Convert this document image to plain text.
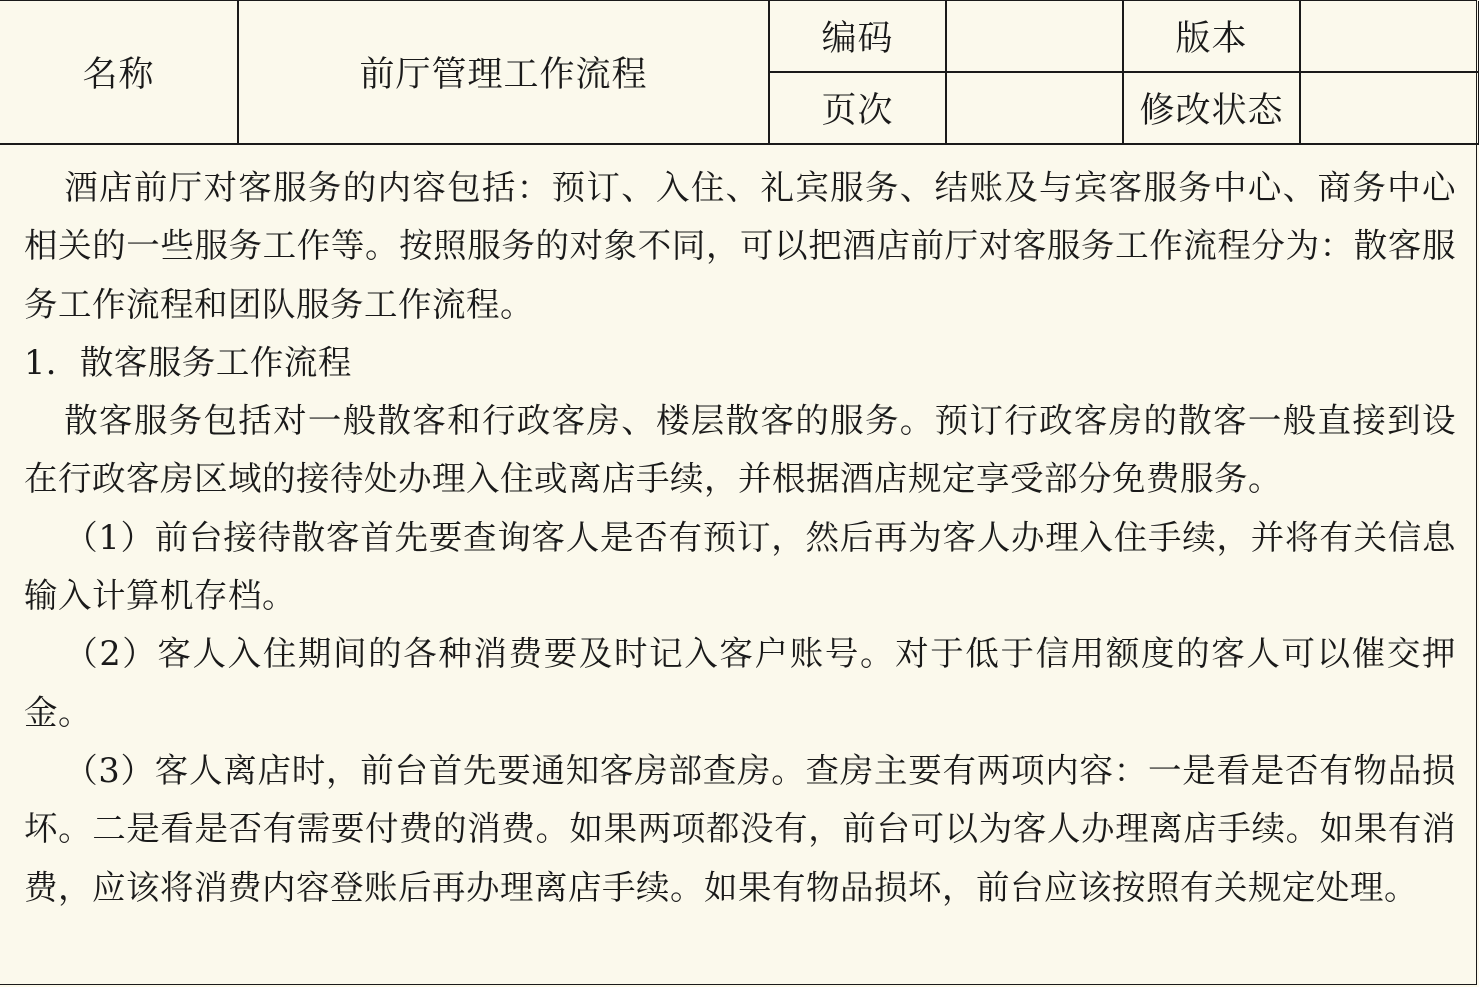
名称	前厅管理工作流程	编码		版本	
		页次		修改状态	

酒店前厅对客服务的内容包括：预订、入住、礼宾服务、结账及与宾客服务中心、商务中心相关的一些服务工作等。按照服务的对象不同，可以把酒店前厅对客服务工作流程分为：散客服务工作流程和团队服务工作流程。

1．散客服务工作流程

散客服务包括对一般散客和行政客房、楼层散客的服务。预订行政客房的散客一般直接到设在行政客房区域的接待处办理入住或离店手续，并根据酒店规定享受部分免费服务。

（1）前台接待散客首先要查询客人是否有预订，然后再为客人办理入住手续，并将有关信息输入计算机存档。

（2）客人入住期间的各种消费要及时记入客户账号。对于低于信用额度的客人可以催交押金。

（3）客人离店时，前台首先要通知客房部查房。查房主要有两项内容：一是看是否有物品损坏。二是看是否有需要付费的消费。如果两项都没有，前台可以为客人办理离店手续。如果有消费，应该将消费内容登账后再办理离店手续。如果有物品损坏，前台应该按照有关规定处理。
